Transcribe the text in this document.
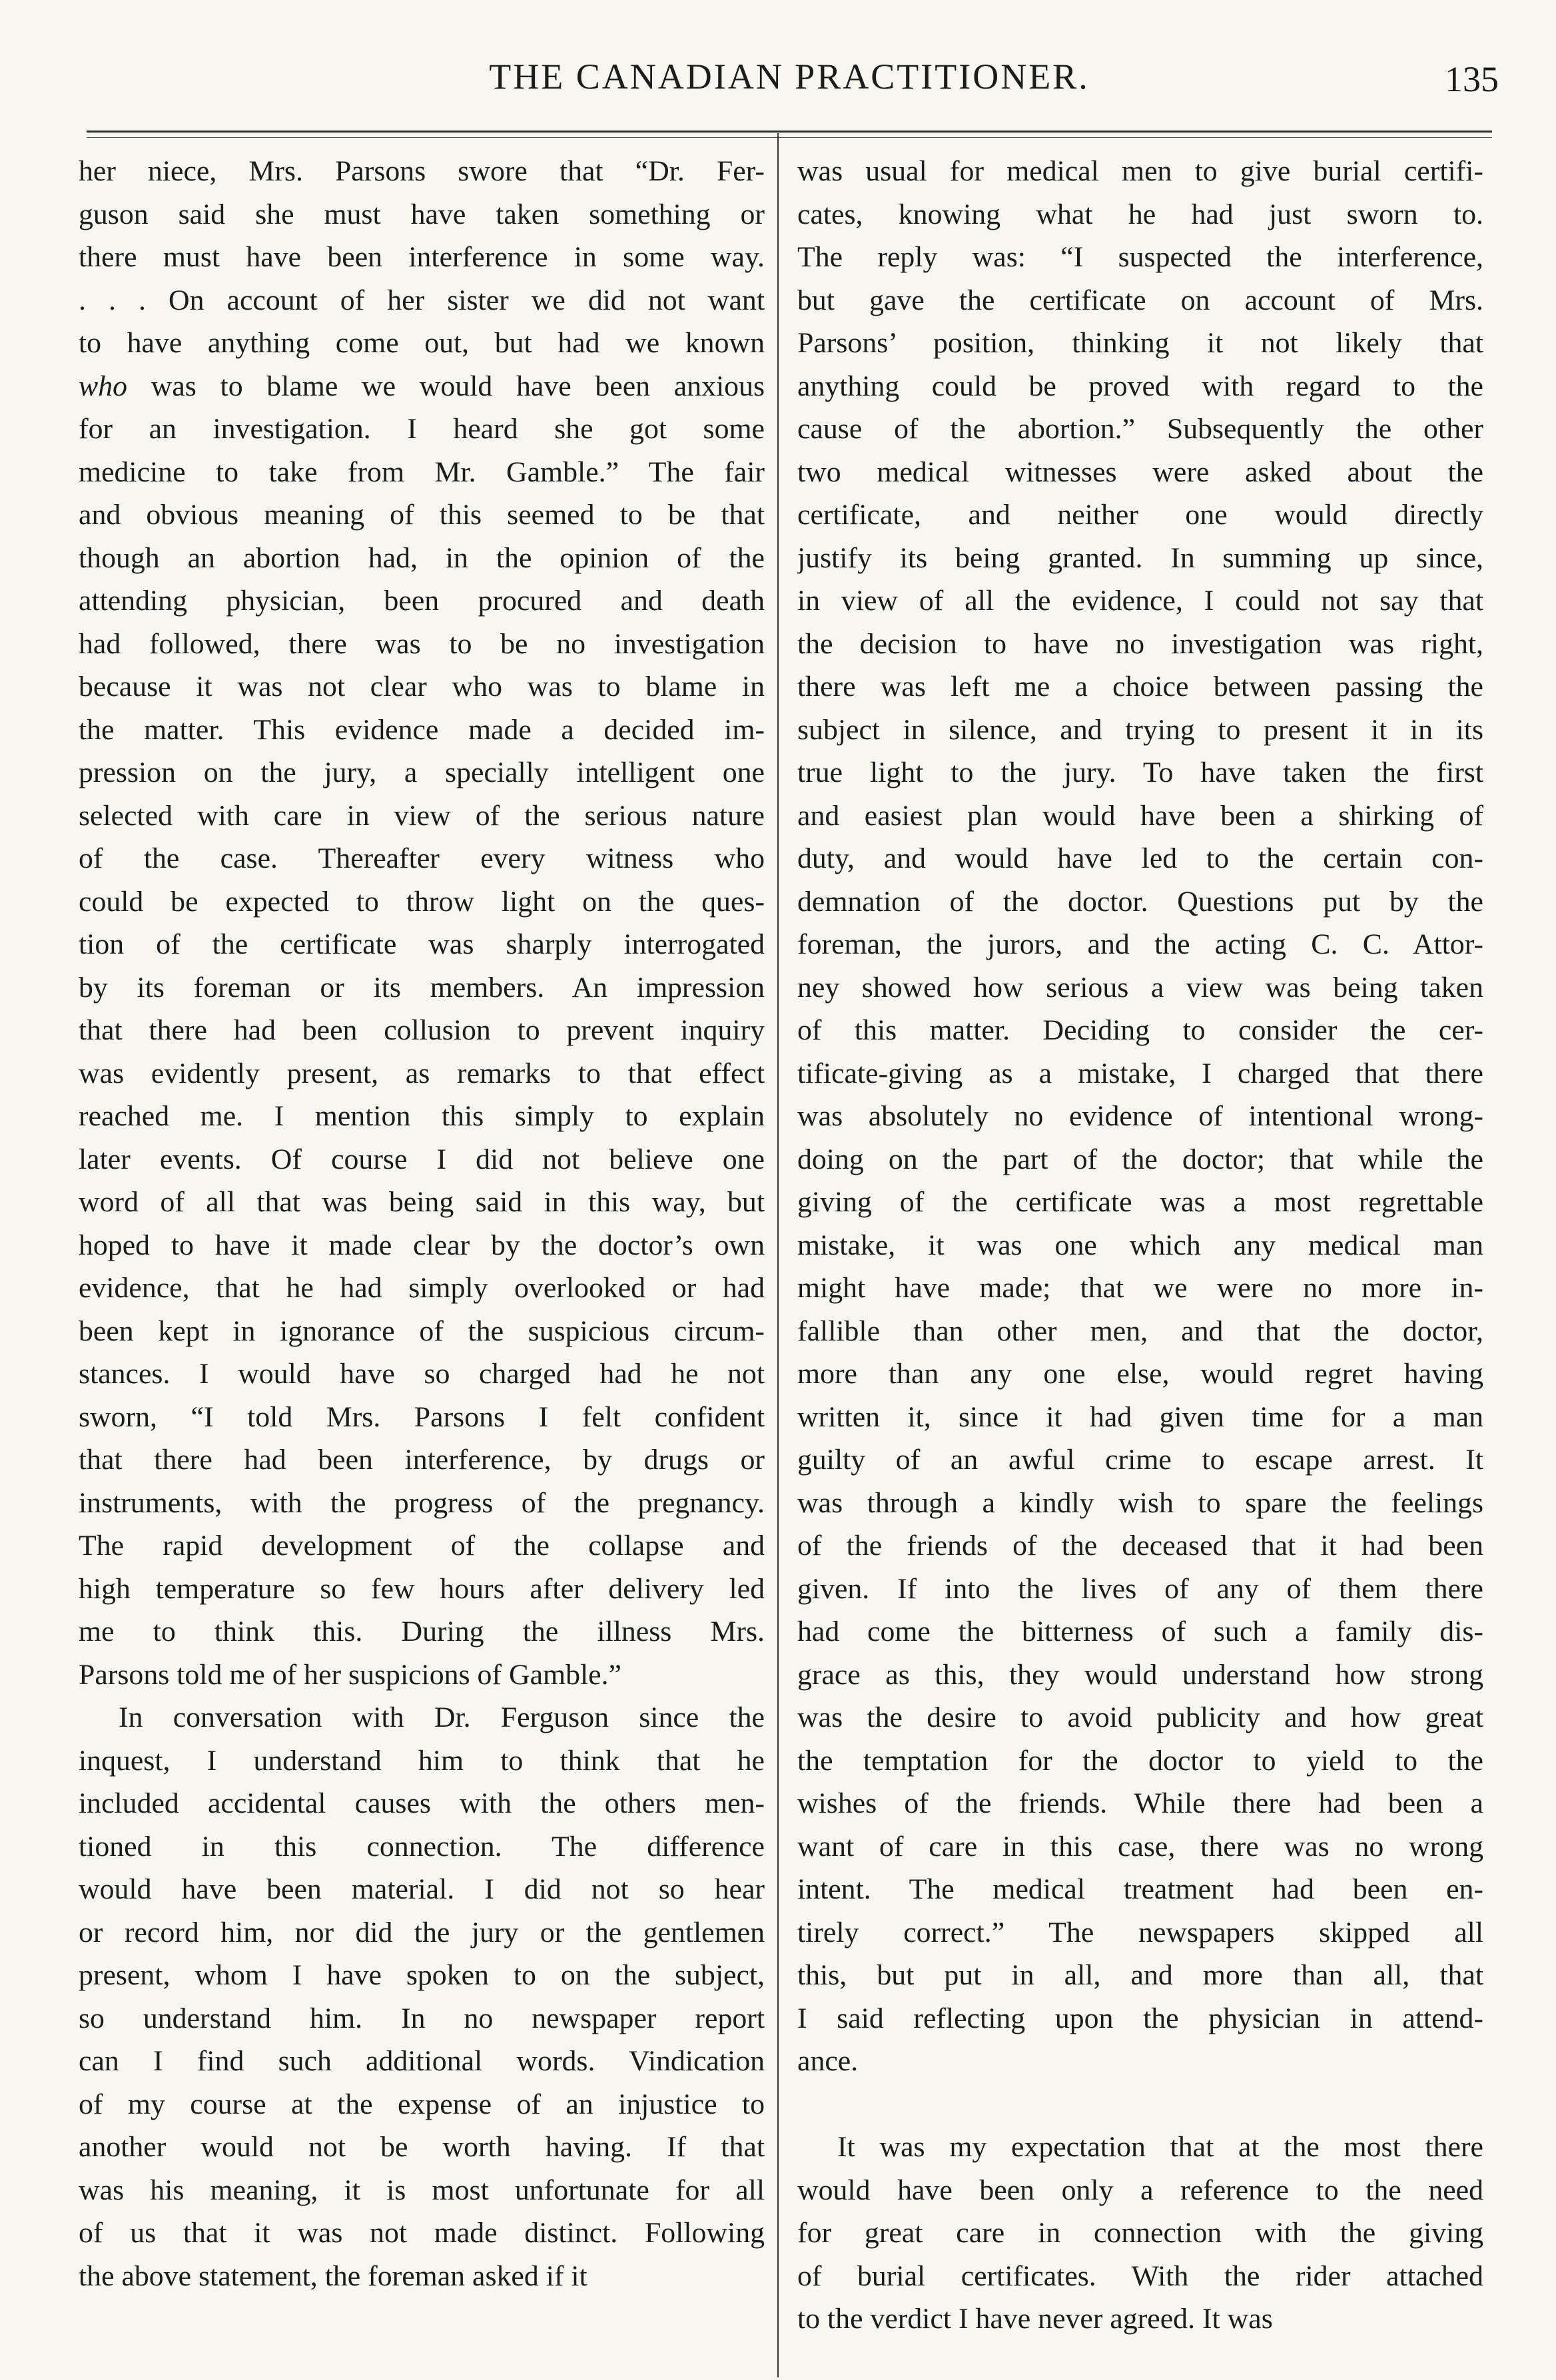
THE CANADIAN PRACTITIONER.	135
her niece, Mrs. Parsons swore that “Dr. Fer-
guson said she must have taken something or
there must have been interference in some way.
. . . On account of her sister we did not want
to have anything come out, but had we known
who was to blame we would have been anxious
for an investigation. I heard she got some
medicine to take from Mr. Gamble.” The fair
and obvious meaning of this seemed to be that
though an abortion had, in the opinion of the
attending physician, been procured and death
had followed, there was to be no investigation
because it was not clear who was to blame in
the matter. This evidence made a decided im-
pression on the jury, a specially intelligent one
selected with care in view of the serious nature
of the case. Thereafter every witness who
could be expected to throw light on the ques-
tion of the certificate was sharply interrogated
by its foreman or its members. An impression
that there had been collusion to prevent inquiry
was evidently present, as remarks to that effect
reached me. I mention this simply to explain
later events. Of course I did not believe one
word of all that was being said in this way, but
hoped to have it made clear by the doctor’s own
evidence, that he had simply overlooked or had
been kept in ignorance of the suspicious circum-
stances. I would have so charged had he not
sworn, “I told Mrs. Parsons I felt confident
that there had been interference, by drugs or
instruments, with the progress of the pregnancy.
The rapid development of the collapse and
high temperature so few hours after delivery led
me to think this. During the illness Mrs.
Parsons told me of her suspicions of Gamble.”
In conversation with Dr. Ferguson since the
inquest, I understand him to think that he
included accidental causes with the others men-
tioned in this connection. The difference
would have been material. I did not so hear
or record him, nor did the jury or the gentlemen
present, whom I have spoken to on the subject,
so understand him. In no newspaper report
can I find such additional words. Vindication
of my course at the expense of an injustice to
another would not be worth having. If that
was his meaning, it is most unfortunate for all
of us that it was not made distinct. Following
the above statement, the foreman asked if it
was usual for medical men to give burial certifi-
cates, knowing what he had just sworn to.
The reply was: “I suspected the interference,
but gave the certificate on account of Mrs.
Parsons’ position, thinking it not likely that
anything could be proved with regard to the
cause of the abortion.” Subsequently the other
two medical witnesses were asked about the
certificate, and neither one would directly
justify its being granted. In summing up since,
in view of all the evidence, I could not say that
the decision to have no investigation was right,
there was left me a choice between passing the
subject in silence, and trying to present it in its
true light to the jury. To have taken the first
and easiest plan would have been a shirking of
duty, and would have led to the certain con-
demnation of the doctor. Questions put by the
foreman, the jurors, and the acting C. C. Attor-
ney showed how serious a view was being taken
of this matter. Deciding to consider the cer-
tificate-giving as a mistake, I charged that there
was absolutely no evidence of intentional wrong-
doing on the part of the doctor; that while the
giving of the certificate was a most regrettable
mistake, it was one which any medical man
might have made; that we were no more in-
fallible than other men, and that the doctor,
more than any one else, would regret having
written it, since it had given time for a man
guilty of an awful crime to escape arrest. It
was through a kindly wish to spare the feelings
of the friends of the deceased that it had been
given. If into the lives of any of them there
had come the bitterness of such a family dis-
grace as this, they would understand how strong
was the desire to avoid publicity and how great
the temptation for the doctor to yield to the
wishes of the friends. While there had been a
want of care in this case, there was no wrong
intent. The medical treatment had been en-
tirely correct.” The newspapers skipped all
this, but put in all, and more than all, that
I said reflecting upon the physician in attend-
ance.
It was my expectation that at the most there
would have been only a reference to the need
for great care in connection with the giving
of burial certificates. With the rider attached
to the verdict I have never agreed. It was
